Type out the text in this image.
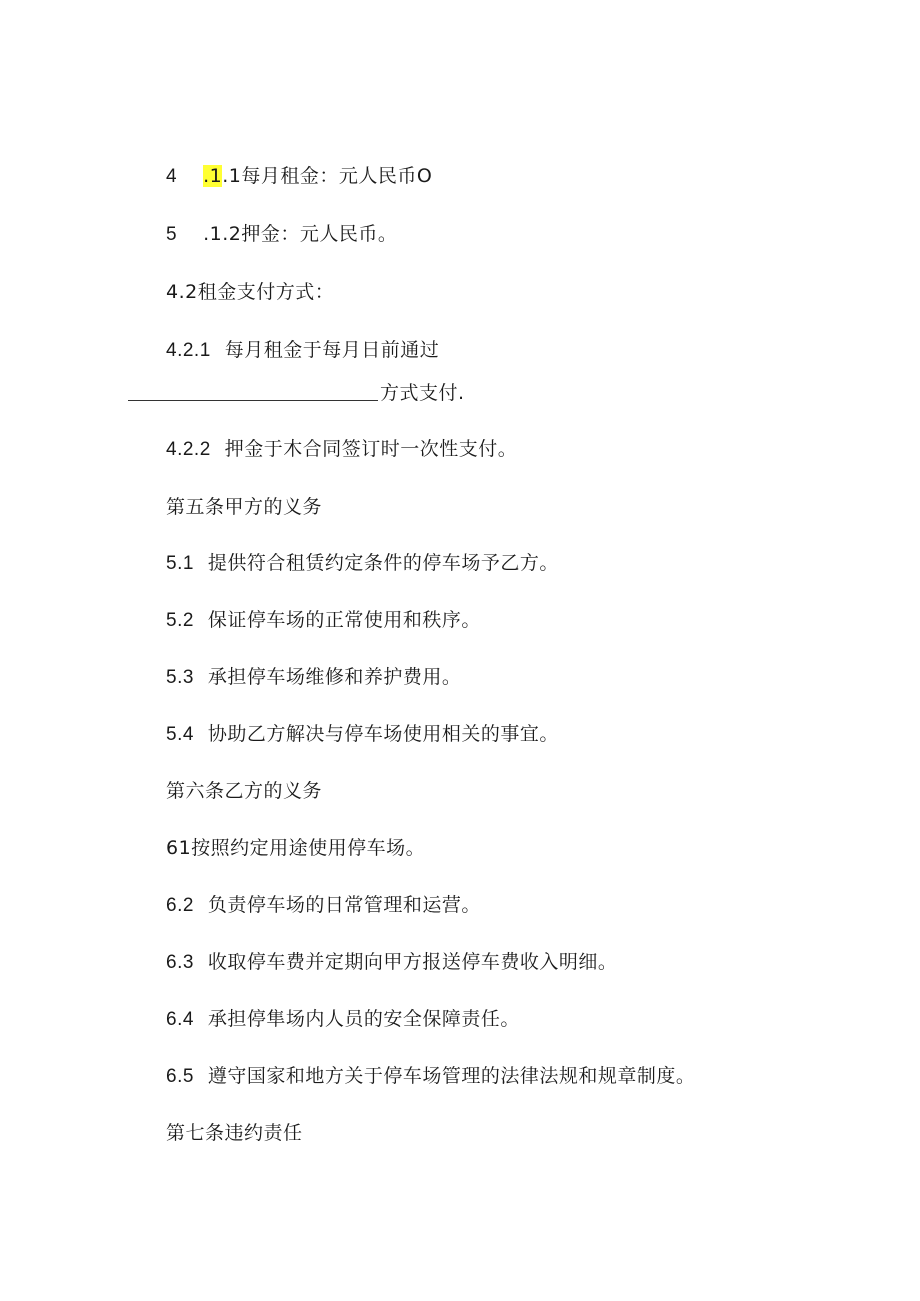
4 .1.1每月租金：元人民币O
5 .1.2押金：元人民币。
4.2租金支付方式：
4.2.1 每月租金于每月日前通过
方式支付.
4.2.2 押金于木合同签订时一次性支付。
第五条甲方的义务
5.1 提供符合租赁约定条件的停车场予乙方。
5.2 保证停车场的正常使用和秩序。
5.3 承担停车场维修和养护费用。
5.4 协助乙方解决与停车场使用相关的事宜。
第六条乙方的义务
61按照约定用途使用停车场。
6.2 负责停车场的日常管理和运营。
6.3 收取停车费并定期向甲方报送停车费收入明细。
6.4 承担停隼场内人员的安全保障责任。
6.5 遵守国家和地方关于停车场管理的法律法规和规章制度。
第七条违约责任
